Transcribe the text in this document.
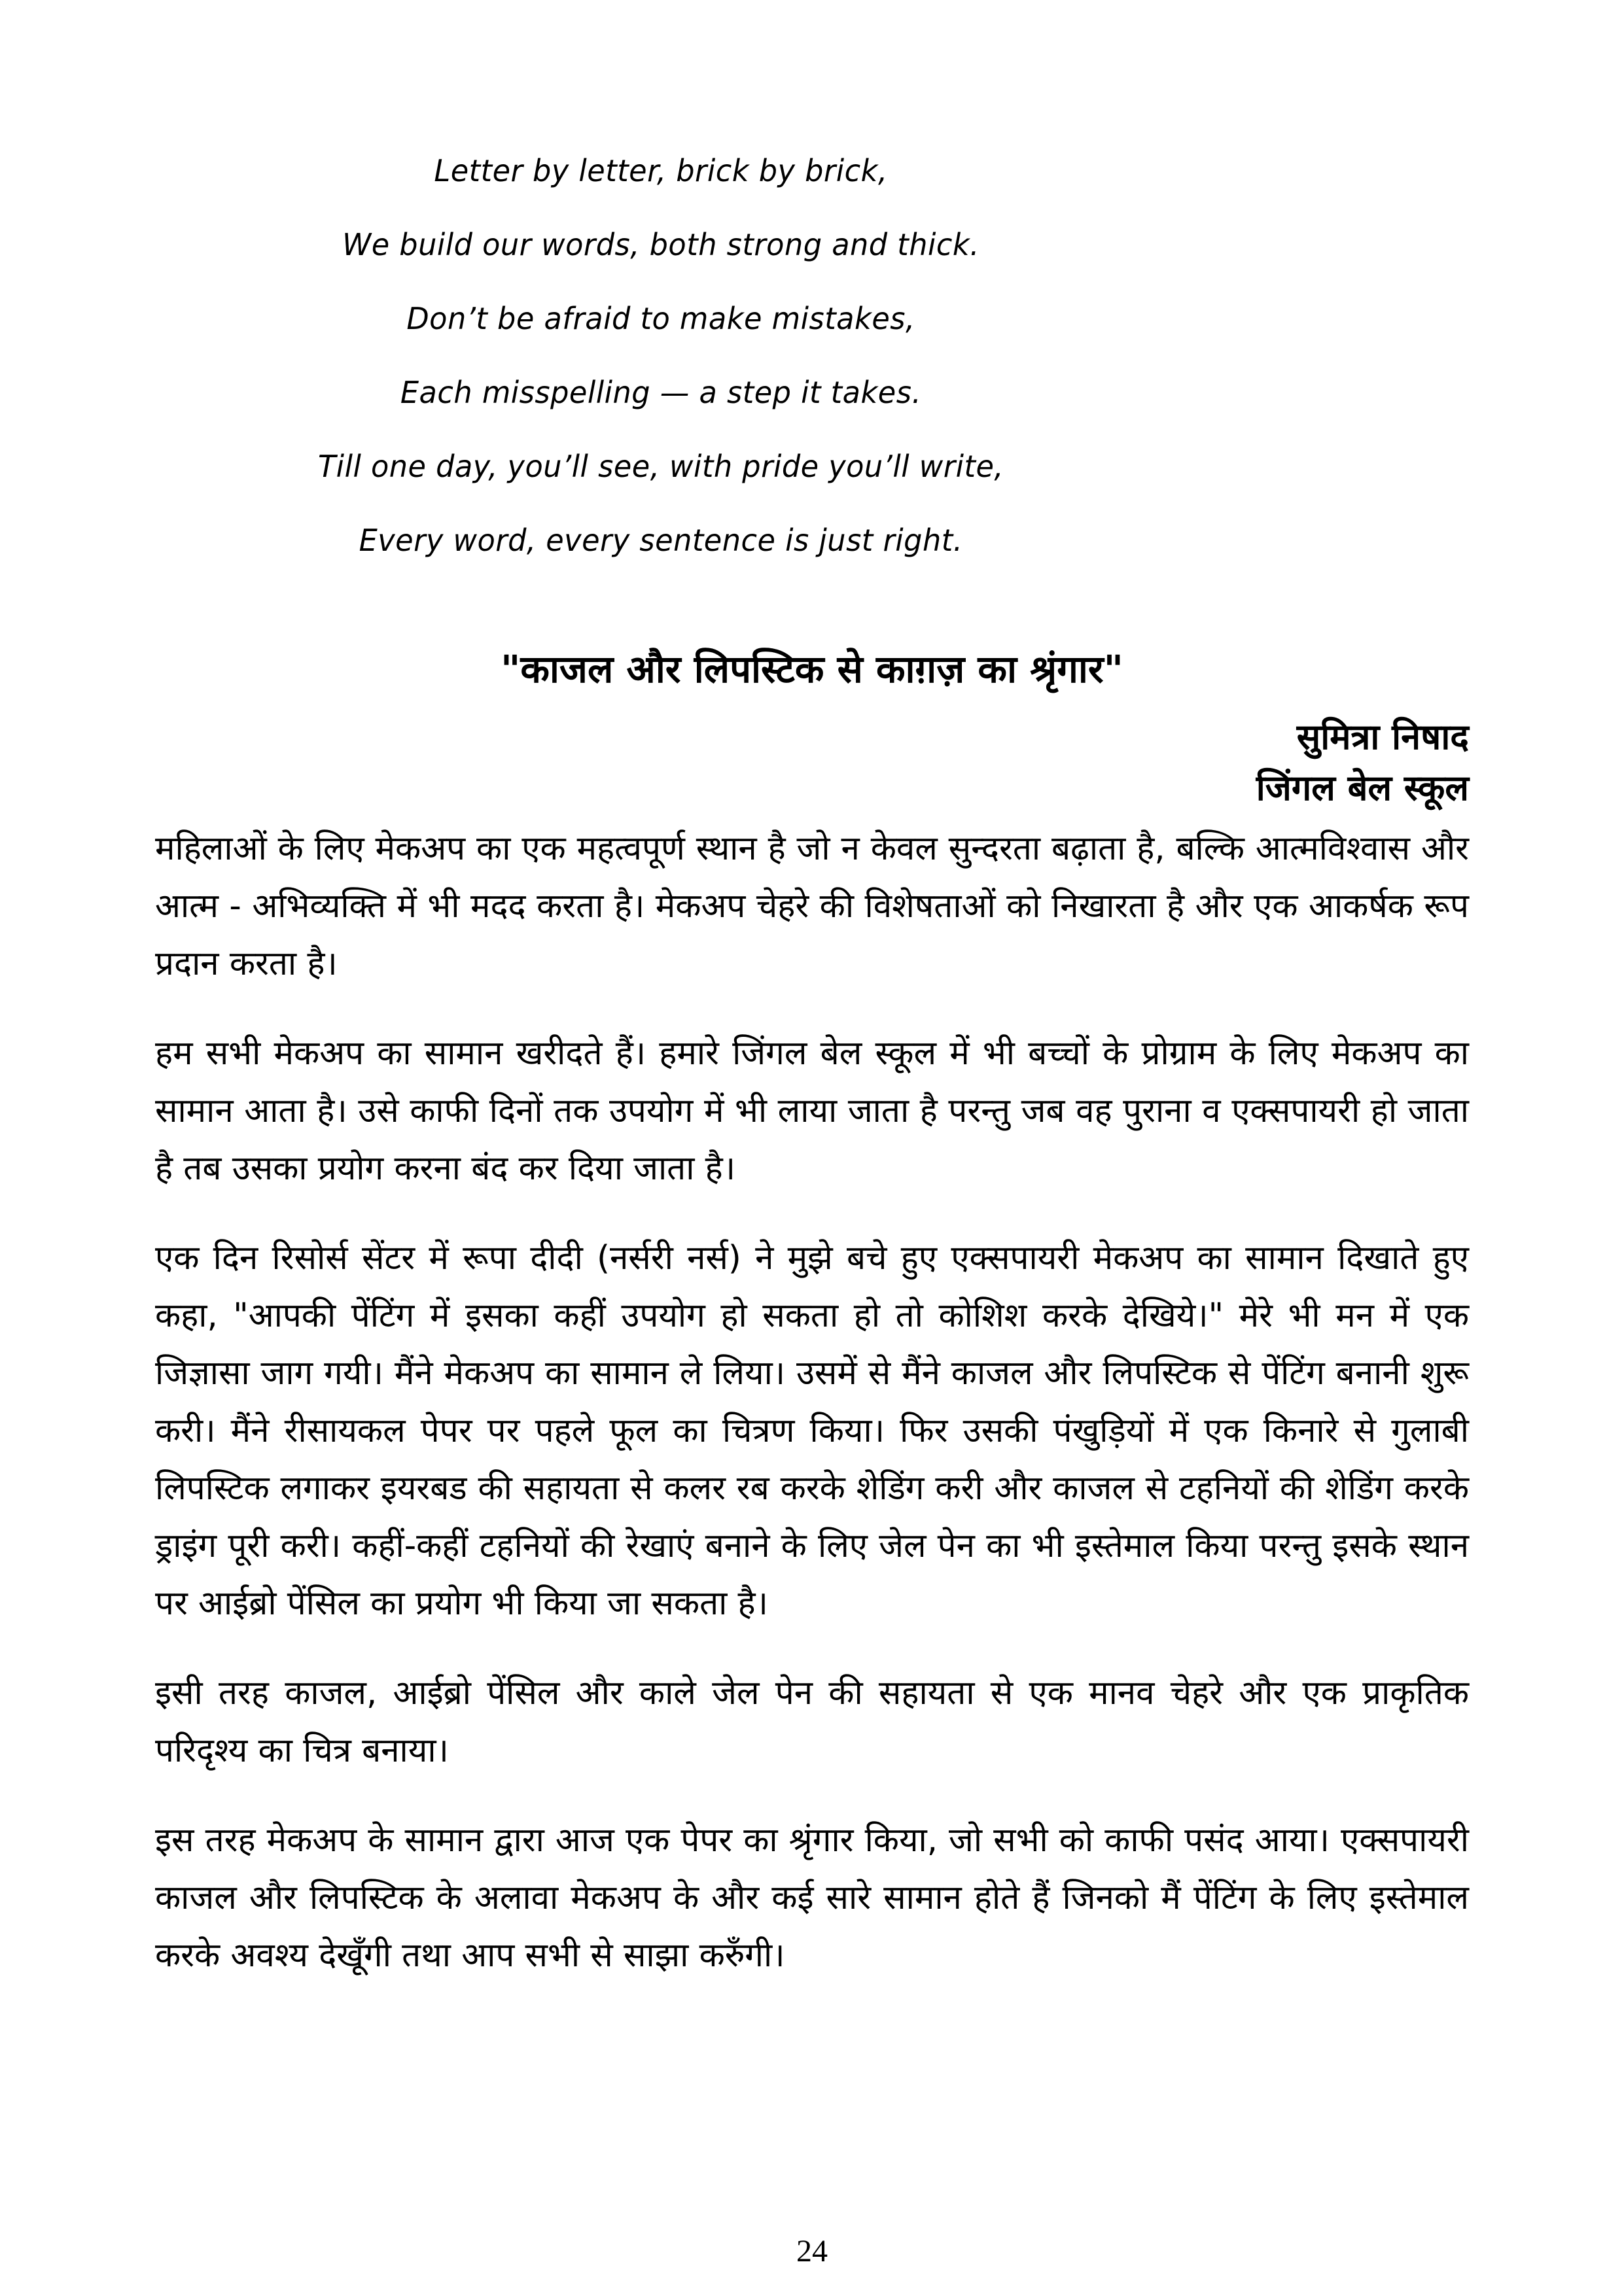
Letter by letter, brick by brick,

We build our words, both strong and thick.

Don’t be afraid to make mistakes,

Each misspelling — a step it takes.

Till one day, you’ll see, with pride you’ll write,

Every word, every sentence is just right.

"काजल और लिपस्टिक से काग़ज़ का श्रृंगार"

सुमित्रा निषाद

जिंगल बेल स्कूल

महिलाओं के लिए मेकअप का एक महत्वपूर्ण स्थान है जो न केवल सुन्दरता बढ़ाता है, बल्कि आत्मविश्वास और आत्म - अभिव्यक्ति में भी मदद करता है। मेकअप चेहरे की विशेषताओं को निखारता है और एक आकर्षक रूप प्रदान करता है।

हम सभी मेकअप का सामान खरीदते हैं। हमारे जिंगल बेल स्कूल में भी बच्चों के प्रोग्राम के लिए मेकअप का सामान आता है। उसे काफी दिनों तक उपयोग में भी लाया जाता है परन्तु जब वह पुराना व एक्सपायरी हो जाता है तब उसका प्रयोग करना बंद कर दिया जाता है।

एक दिन रिसोर्स सेंटर में रूपा दीदी (नर्सरी नर्स) ने मुझे बचे हुए एक्सपायरी मेकअप का सामान दिखाते हुए कहा, "आपकी पेंटिंग में इसका कहीं उपयोग हो सकता हो तो कोशिश करके देखिये।" मेरे भी मन में एक जिज्ञासा जाग गयी। मैंने मेकअप का सामान ले लिया। उसमें से मैंने काजल और लिपस्टिक से पेंटिंग बनानी शुरू करी। मैंने रीसायकल पेपर पर पहले फूल का चित्रण किया। फिर उसकी पंखुड़ियों में एक किनारे से गुलाबी लिपस्टिक लगाकर इयरबड की सहायता से कलर रब करके शेडिंग करी और काजल से टहनियों की शेडिंग करके ड्राइंग पूरी करी। कहीं-कहीं टहनियों की रेखाएं बनाने के लिए जेल पेन का भी इस्तेमाल किया परन्तु इसके स्थान पर आईब्रो पेंसिल का प्रयोग भी किया जा सकता है।

इसी तरह काजल, आईब्रो पेंसिल और काले जेल पेन की सहायता से एक मानव चेहरे और एक प्राकृतिक परिदृश्य का चित्र बनाया।

इस तरह मेकअप के सामान द्वारा आज एक पेपर का श्रृंगार किया, जो सभी को काफी पसंद आया। एक्सपायरी काजल और लिपस्टिक के अलावा मेकअप के और कई सारे सामान होते हैं जिनको मैं पेंटिंग के लिए इस्तेमाल करके अवश्य देखूँगी तथा आप सभी से साझा करुँगी।

24
